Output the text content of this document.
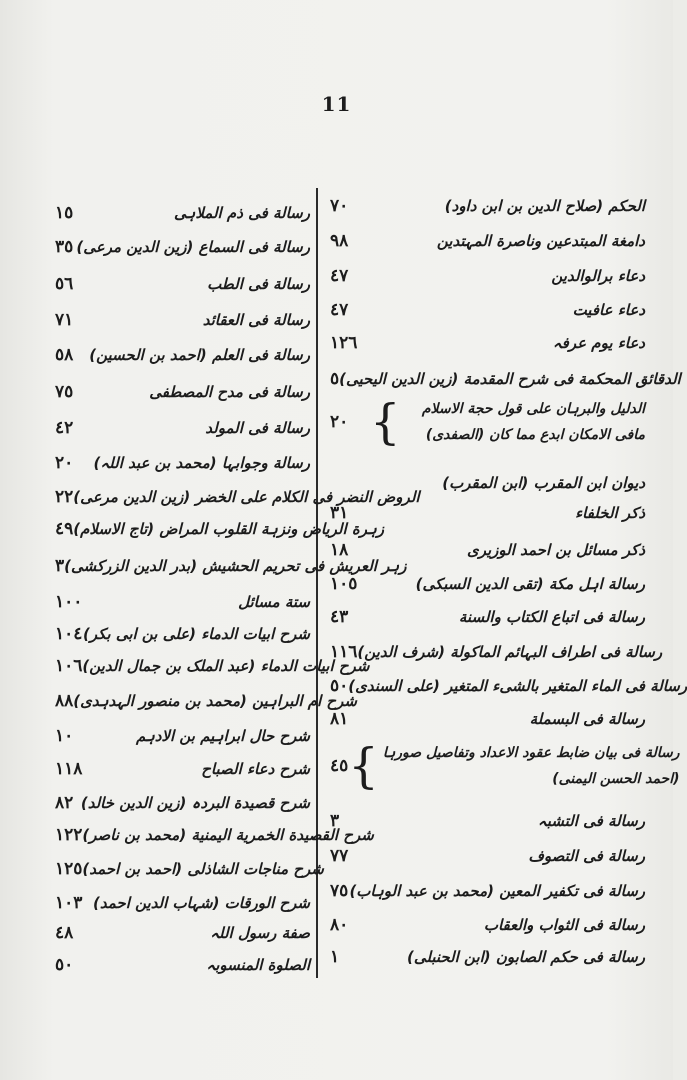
11
١٥	رسالة فى ذم الملاہی
٣٥ رسالة فى السماع (زین الدین مرعی)
٥٦	رسالة فى الطب
٧١	رسالة فى العقائد
٥٨	رسالة فى العلم (احمد بن الحسین)
٧٥	رسالة فى مدح المصطفى
٤٢	رسالة فى المولد
٢٠	رسالة وجوابہا (محمد بن عبد اللہ)
٢٢ الروض النضر فى الکلام على الخضر (زین الدین مرعی)
٤٩ زہرة الریاض ونزہة القلوب المراض (تاج الاسلام)
٣ زہر العریش فى تحریم الحشیش (بدر الدین الزرکشی)
١٠٠	ستة مسائل
١٠٤ شرح ابیات الدماء (على بن ابى بکر)
١٠٦ شرح ابیات الدماء (عبد الملک بن جمال الدین)
٨٨ شرح ام البراہین (محمد بن منصور الہدہدی)
١٠	شرح حال ابراہیم بن الادہم
١١٨	شرح دعاء الصباح
٨٢ شرح قصیدة البردہ (زین الدین خالد)
١٢٢ شرح القصیدة الخمریة الیمنیة (محمد بن ناصر)
١٢٥ شرح مناجات الشاذلی (احمد بن احمد)
١٠٣ شرح الورقات (شہاب الدین احمد)
٤٨	صفة رسول اللہ
٥٠	الصلوة المنسوبہ
٧٠	الحکم (صلاح الدین بن ابن داود)
٩٨	دامغة المبتدعین وناصرة المہتدین
٤٧	دعاء برالوالدین
٤٧	دعاء عافیت
١٢٦	دعاء یوم عرفہ
٥ الدقائق المحکمة فى شرح المقدمة (زین الدین الیحیى)
٢٠ {	الدلیل والبرہان على قول حجة الاسلام
مافى الامکان ابدع مما کان (الصفدی)
دیوان ابن المقرب (ابن المقرب)
٣١	ذکر الخلفاء
١٨	ذکر مسائل بن احمد الوزیری
١٠٥	رسالة اہل مکة (تقى الدین السبکی)
٤٣	رسالة فى اتباع الکتاب والسنة
١١٦ رسالة فى اطراف البہائم الماکولة (شرف الدین)
٥٠ رسالة فى الماء المتغیر بالشیء المتغیر (على السندی)
٨١	رسالة فى البسملة
٤٥ { رسالة فى بیان ضابط عقود الاعداد وتفاصیل صورہا
(احمد الحسن الیمنی)
٣	رسالة فى التشبہ
٧٧	رسالة فى التصوف
٧٥ رسالة فى تکفیر المعین (محمد بن عبد الوہاب)
٨٠	رسالة فى الثواب والعقاب
١	رسالة فى حکم الصابون (ابن الحنبلی)
